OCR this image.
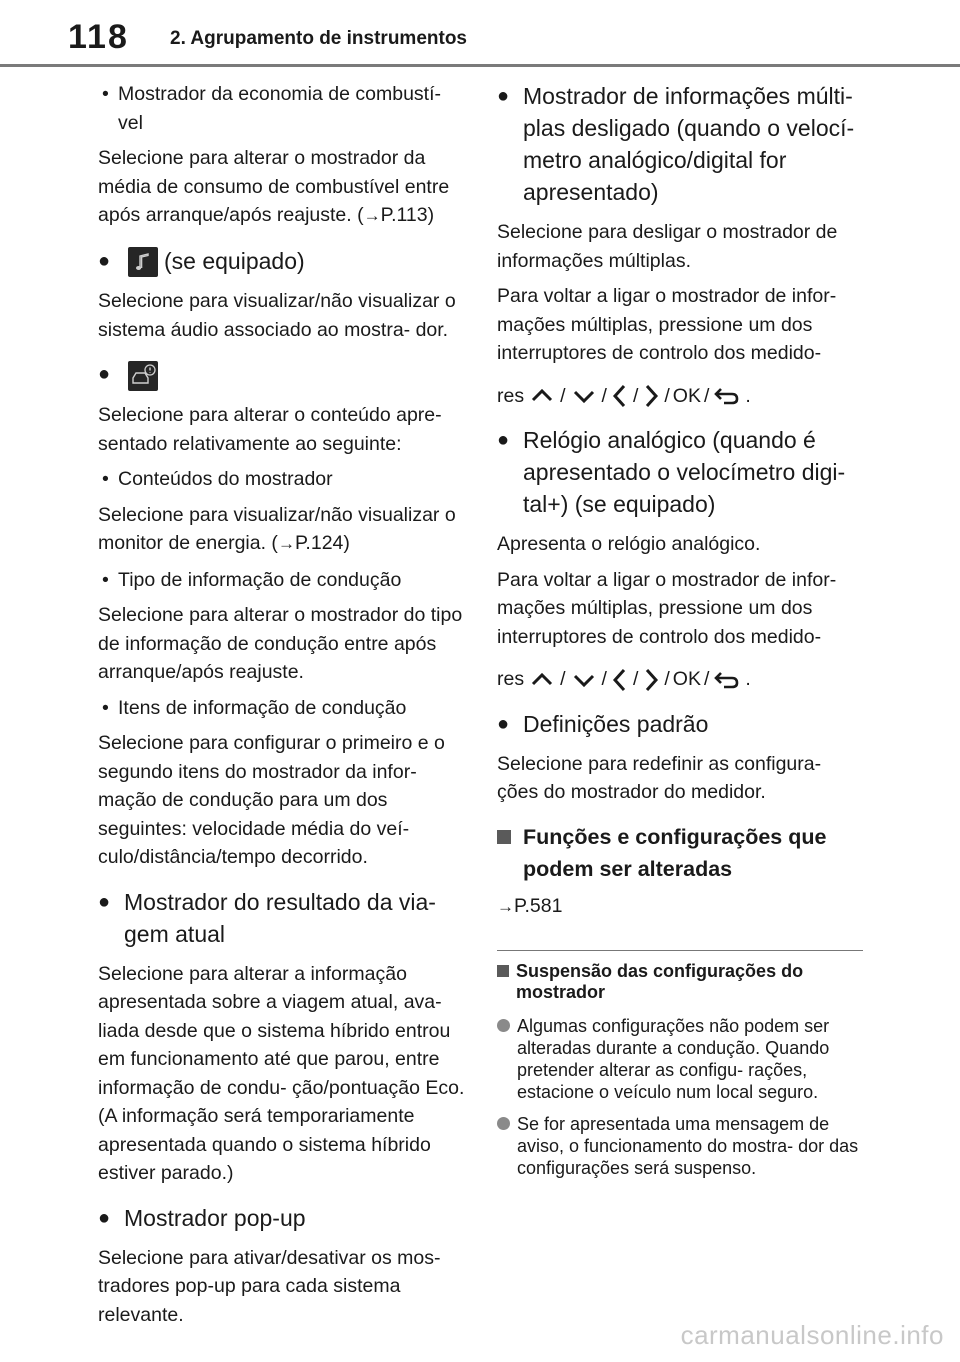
118 2. Agrupamento de instrumentos
• Mostrador da economia de combustí- vel
Selecione para alterar o mostrador da média de consumo de combustível entre após arranque/após reajuste. (→P.113)
●	(se equipado)
Selecione para visualizar/não visualizar o sistema áudio associado ao mostra- dor.
●
Selecione para alterar o conteúdo apre- sentado relativamente ao seguinte:
• Conteúdos do mostrador
Selecione para visualizar/não visualizar o monitor de energia. (→P.124)
• Tipo de informação de condução
Selecione para alterar o mostrador do tipo de informação de condução entre após arranque/após reajuste.
• Itens de informação de condução
Selecione para configurar o primeiro e o segundo itens do mostrador da infor- mação de condução para um dos seguintes: velocidade média do veí- culo/distância/tempo decorrido.
● Mostrador do resultado da via- gem atual
Selecione para alterar a informação apresentada sobre a viagem atual, ava- liada desde que o sistema híbrido entrou em funcionamento até que parou, entre informação de condu- ção/pontuação Eco. (A informação será temporariamente apresentada quando o sistema híbrido estiver parado.)
● Mostrador pop-up
Selecione para ativar/desativar os mos- tradores pop-up para cada sistema relevante.
● Mostrador de informações múlti- plas desligado (quando o velocí- metro analógico/digital for apresentado)
Selecione para desligar o mostrador de informações múltiplas.
Para voltar a ligar o mostrador de infor- mações múltiplas, pressione um dos interruptores de controlo dos medido-
res / / / / OK / .
● Relógio analógico (quando é apresentado o velocímetro digi- tal+) (se equipado)
Apresenta o relógio analógico.
Para voltar a ligar o mostrador de infor- mações múltiplas, pressione um dos interruptores de controlo dos medido-
res / / / / OK / .
● Definições padrão
Selecione para redefinir as configura- ções do mostrador do medidor.
Funções e configurações que podem ser alteradas
→P.581
Suspensão das configurações do mostrador
Algumas configurações não podem ser alteradas durante a condução. Quando pretender alterar as configu- rações, estacione o veículo num local seguro.
Se for apresentada uma mensagem de aviso, o funcionamento do mostra- dor das configurações será suspenso.
carmanualsonline.info
